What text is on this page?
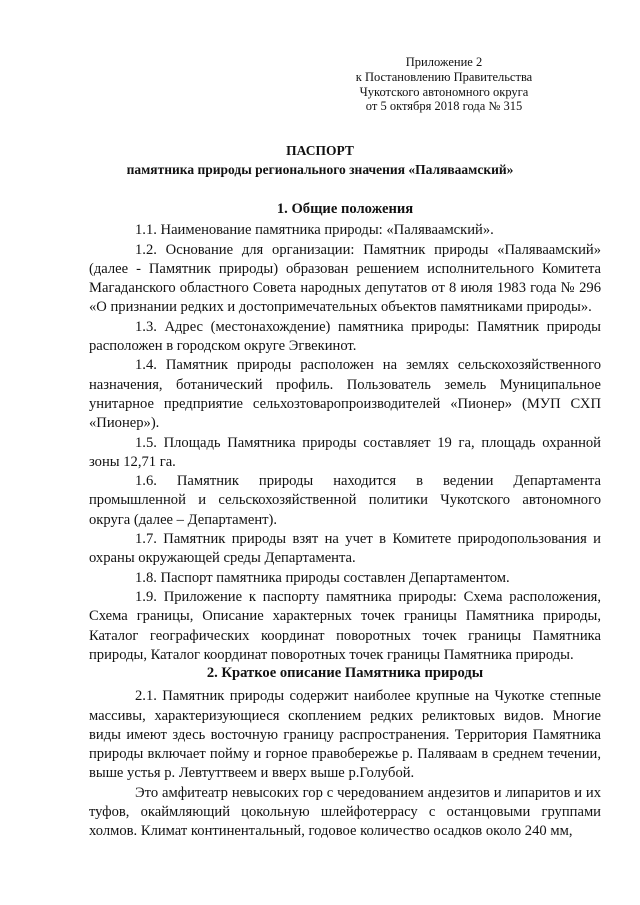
Приложение 2
к Постановлению Правительства
Чукотского автономного округа
от 5 октября 2018 года № 315
ПАСПОРТ
памятника природы регионального значения «Паляваамский»
1. Общие положения

1.1. Наименование памятника природы: «Паляваамский».

1.2. Основание для организации: Памятник природы «Паляваамский» (далее - Памятник природы) образован решением исполнительного Комитета Магаданского областного Совета народных депутатов от 8 июля 1983 года № 296 «О признании редких и достопримечательных объектов памятниками природы».

1.3. Адрес (местонахождение) памятника природы: Памятник природы расположен в городском округе Эгвекинот.

1.4. Памятник природы расположен на землях сельскохозяйственного назначения, ботанический профиль. Пользователь земель Муниципальное унитарное предприятие сельхозтоваропроизводителей «Пионер» (МУП СХП «Пионер»).

1.5. Площадь Памятника природы составляет 19 га, площадь охранной зоны 12,71 га.

1.6. Памятник природы находится в ведении Департамента промышленной и сельскохозяйственной политики Чукотского автономного округа (далее – Департамент).

1.7. Памятник природы взят на учет в Комитете природопользования и охраны окружающей среды Департамента.

1.8. Паспорт памятника природы составлен Департаментом.

1.9. Приложение к паспорту памятника природы: Схема расположения, Схема границы, Описание характерных точек границы Памятника природы, Каталог географических координат поворотных точек границы Памятника природы, Каталог координат поворотных точек границы Памятника природы.

2. Краткое описание Памятника природы

2.1. Памятник природы содержит наиболее крупные на Чукотке степные массивы, характеризующиеся скоплением редких реликтовых видов. Многие виды имеют здесь восточную границу распространения. Территория Памятника природы включает пойму и горное правобережье р. Паляваам в среднем течении, выше устья р. Левтуттвеем и вверх выше р.Голубой.

Это амфитеатр невысоких гор с чередованием андезитов и липаритов и их туфов, окаймляющий цокольную шлейфотеррасу с останцовыми группами холмов. Климат континентальный, годовое количество осадков около 240 мм,
